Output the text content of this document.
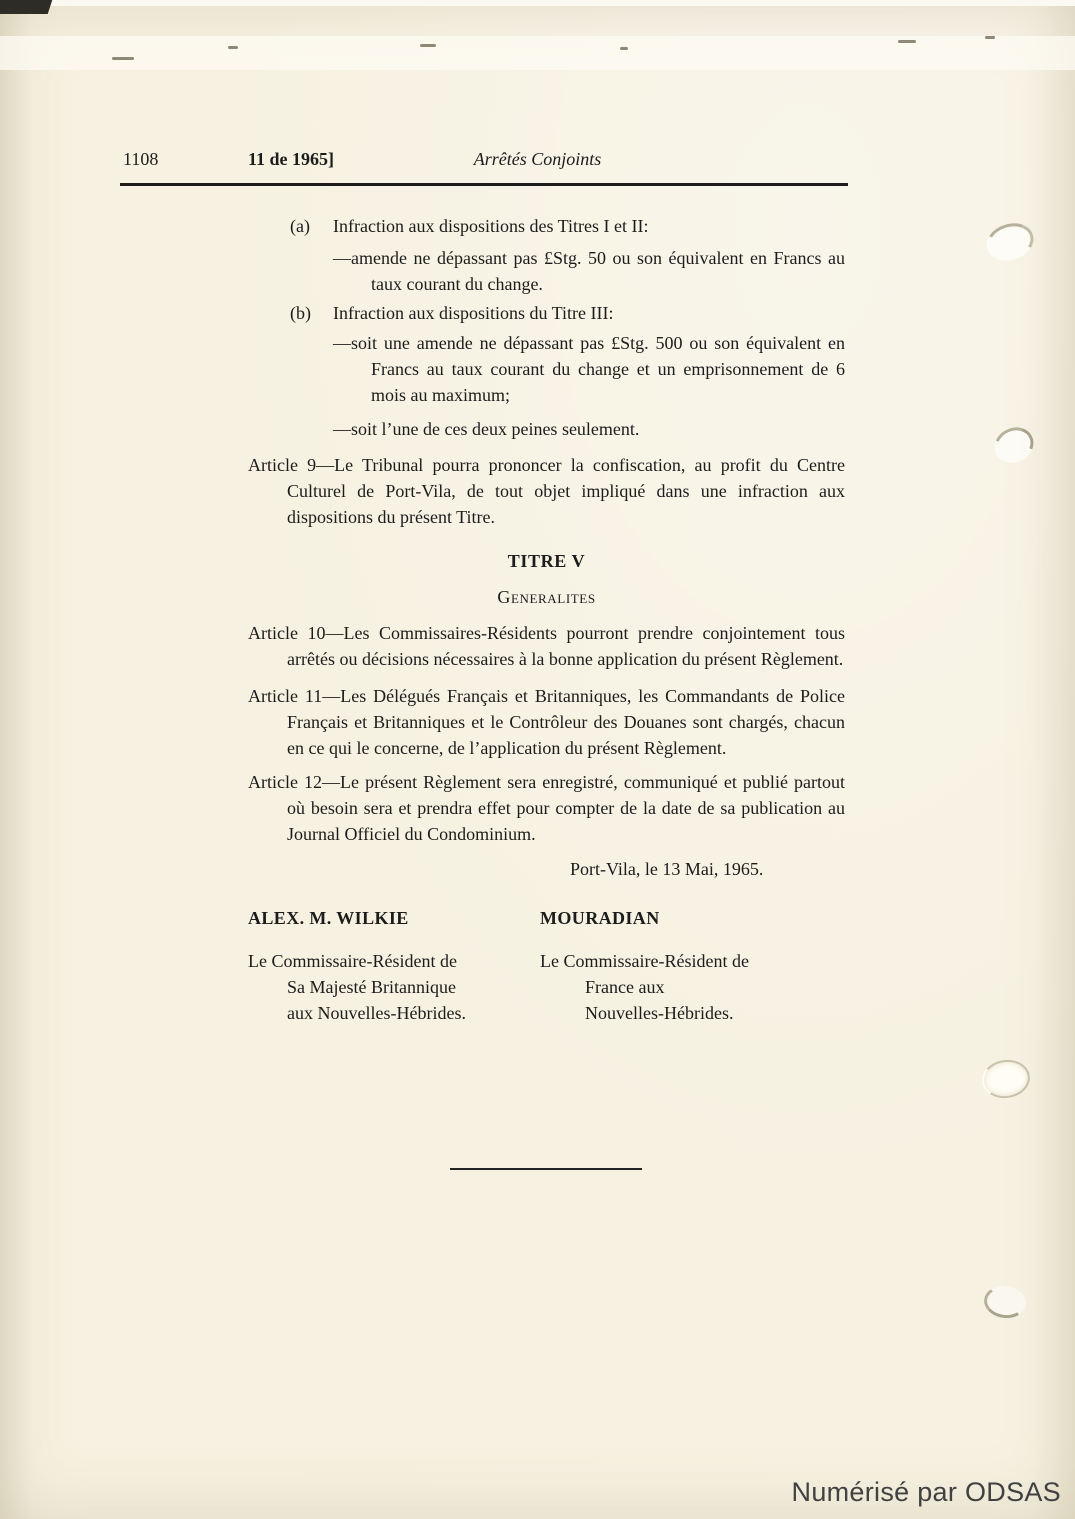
1108	11 de 1965]	Arrêtés Conjoints
(a)	Infraction aux dispositions des Titres I et II:

—amende ne dépassant pas £Stg. 50 ou son équivalent en Francs au taux courant du change.

(b)	Infraction aux dispositions du Titre III:

—soit une amende ne dépassant pas £Stg. 500 ou son équivalent en Francs au taux courant du change et un emprisonnement de 6 mois au maximum;

—soit l’une de ces deux peines seulement.

Article 9—Le Tribunal pourra prononcer la confiscation, au profit du Centre Culturel de Port-Vila, de tout objet impliqué dans une infraction aux dispositions du présent Titre.

TITRE V
Generalites

Article 10—Les Commissaires-Résidents pourront prendre conjointement tous arrêtés ou décisions nécessaires à la bonne application du présent Règlement.

Article 11—Les Délégués Français et Britanniques, les Commandants de Police Français et Britanniques et le Contrôleur des Douanes sont chargés, chacun en ce qui le concerne, de l’application du présent Règlement.

Article 12—Le présent Règlement sera enregistré, communiqué et publié partout où besoin sera et prendra effet pour compter de la date de sa publication au Journal Officiel du Condominium.

Port-Vila, le 13 Mai, 1965.
ALEX. M. WILKIE	MOURADIAN
Le Commissaire-Résident de
Sa Majesté Britannique
aux Nouvelles-Hébrides.
Le Commissaire-Résident de
France aux
Nouvelles-Hébrides.
Numérisé par ODSAS
